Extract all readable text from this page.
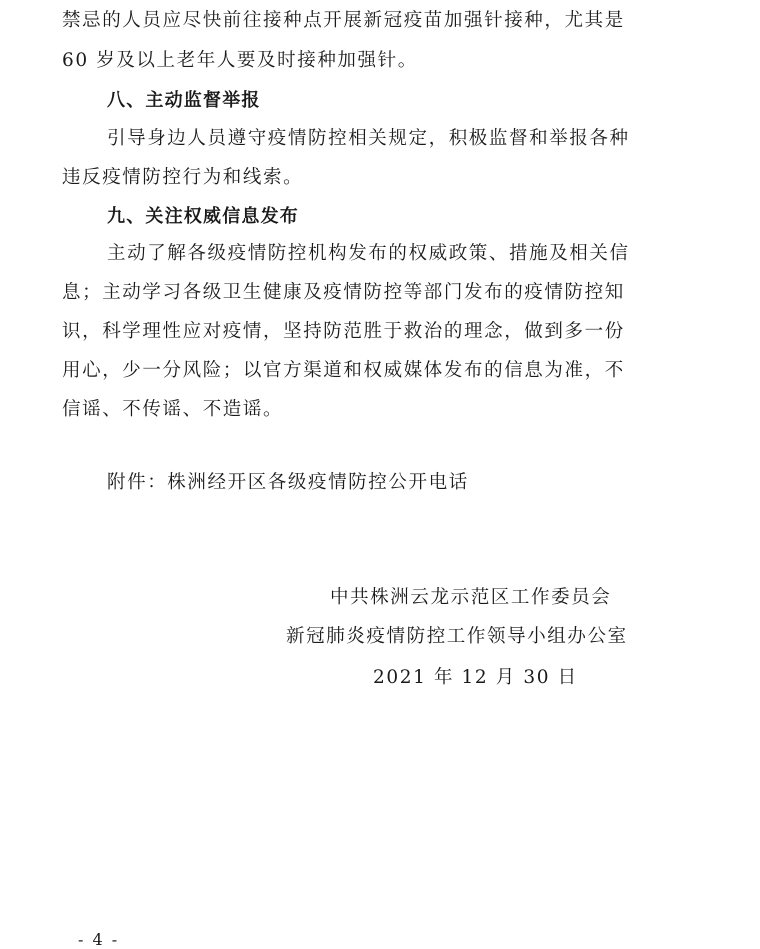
禁忌的人员应尽快前往接种点开展新冠疫苗加强针接种，尤其是
60 岁及以上老年人要及时接种加强针。
八、主动监督举报
引导身边人员遵守疫情防控相关规定，积极监督和举报各种
违反疫情防控行为和线索。
九、关注权威信息发布
主动了解各级疫情防控机构发布的权威政策、措施及相关信
息；主动学习各级卫生健康及疫情防控等部门发布的疫情防控知
识，科学理性应对疫情，坚持防范胜于救治的理念，做到多一份
用心，少一分风险；以官方渠道和权威媒体发布的信息为准，不
信谣、不传谣、不造谣。
附件：株洲经开区各级疫情防控公开电话
中共株洲云龙示范区工作委员会
新冠肺炎疫情防控工作领导小组办公室
2021 年 12 月 30 日
- 4 -
